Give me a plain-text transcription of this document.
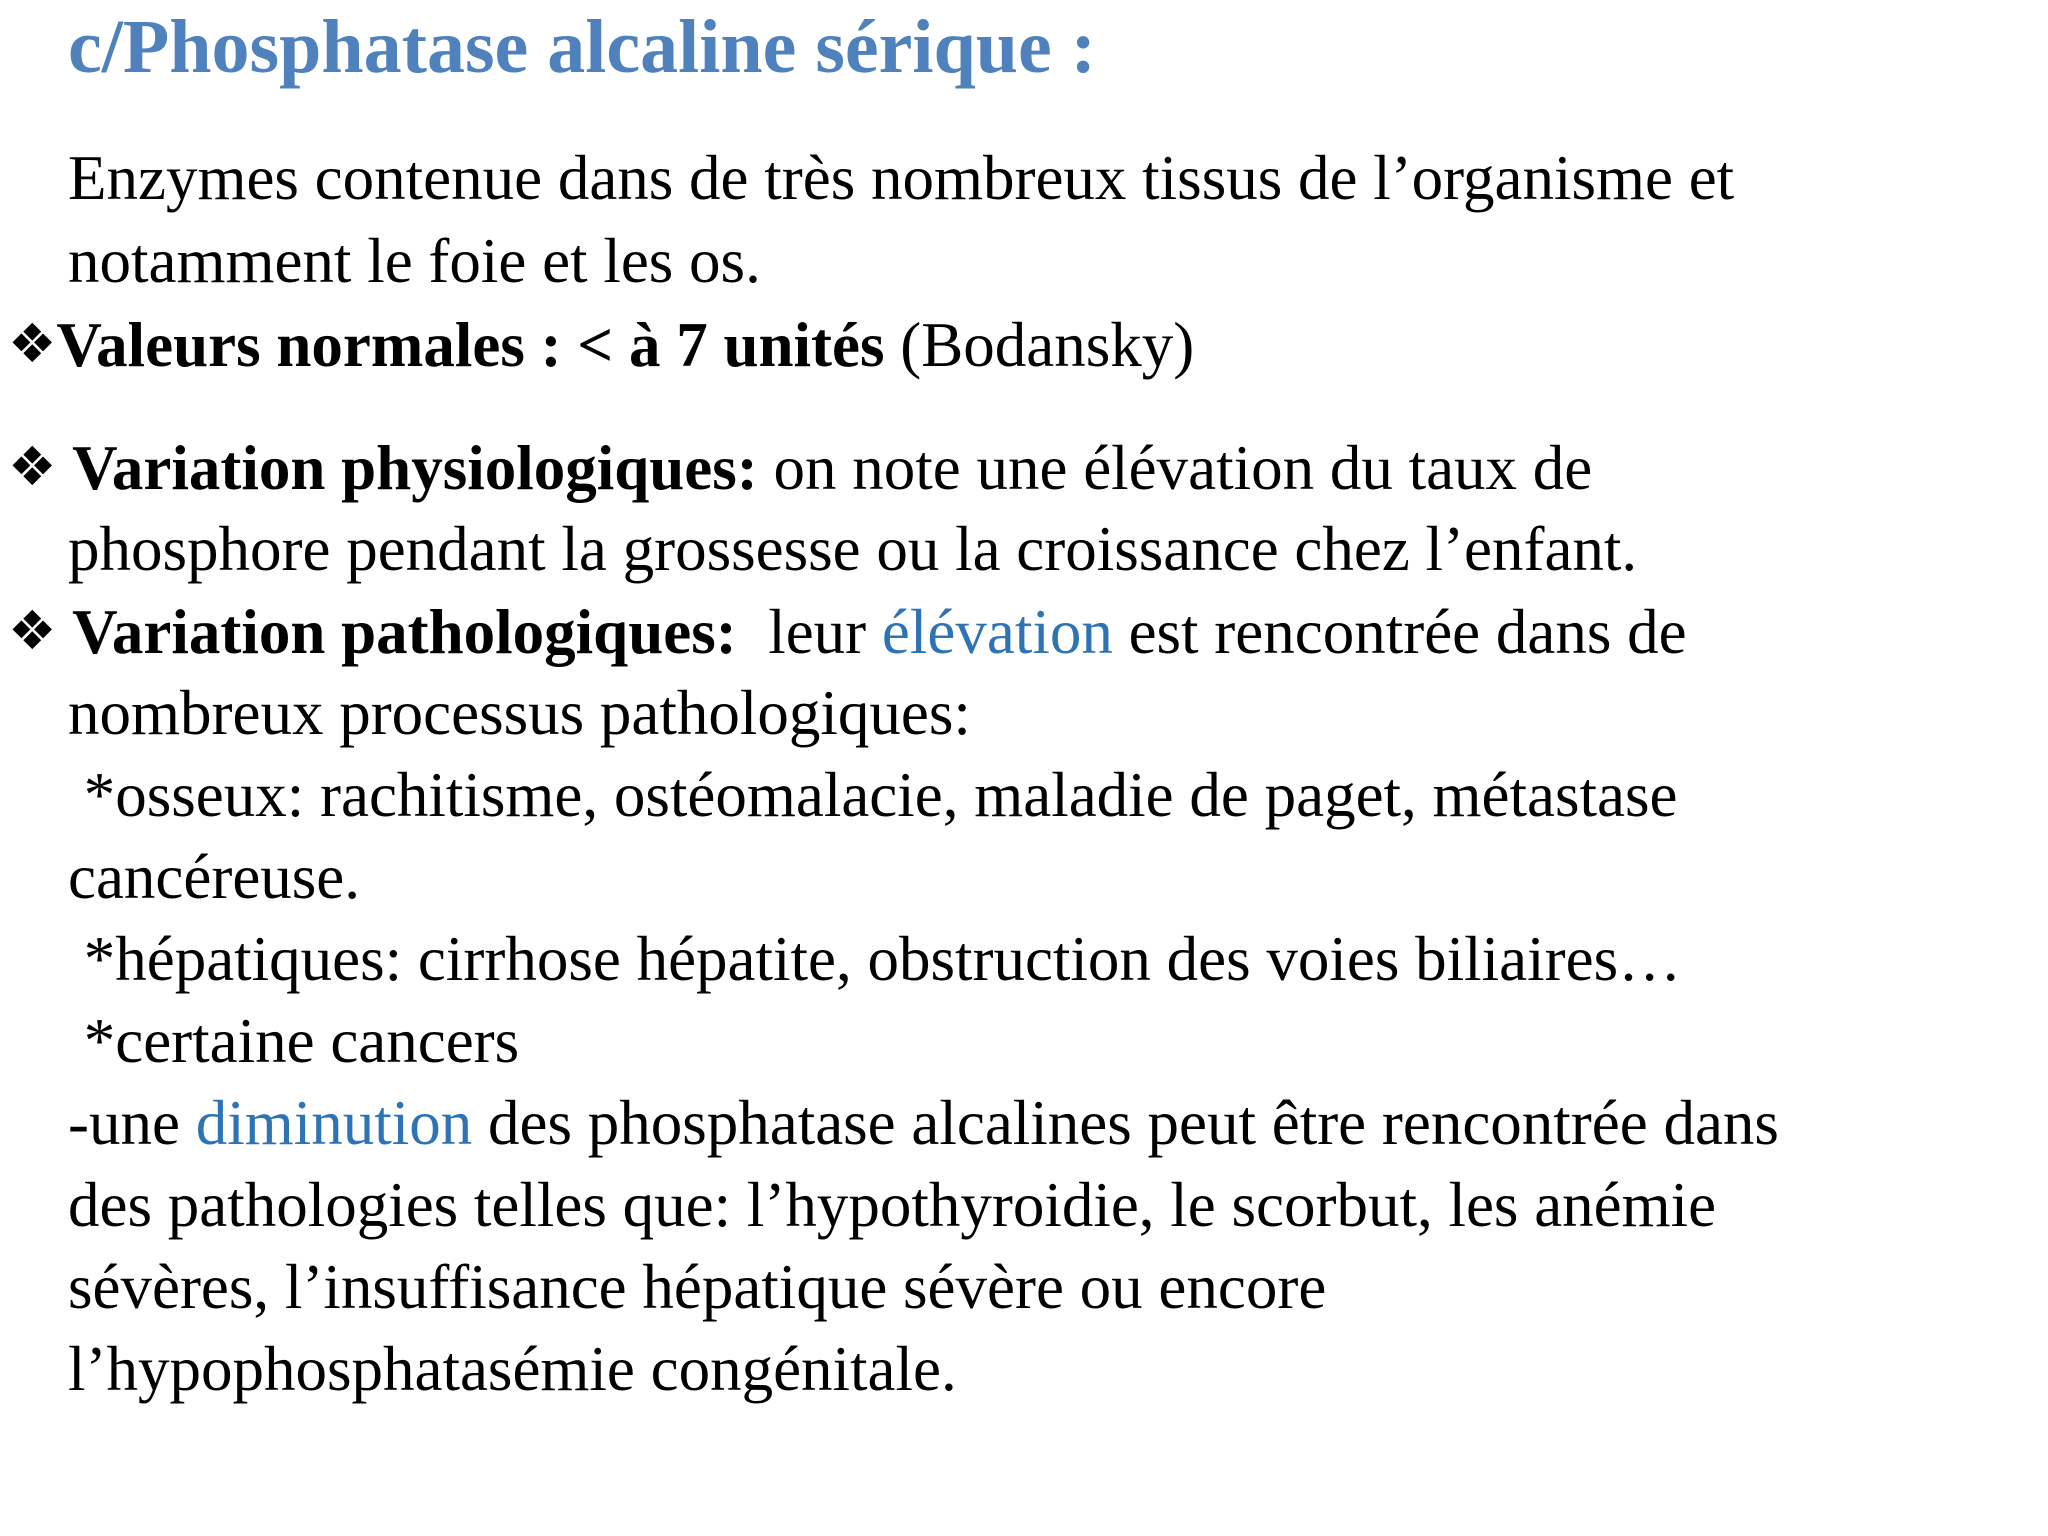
c/Phosphatase alcaline sérique :
Enzymes contenue dans de très nombreux tissus de l’organisme et
notamment le foie et les os.
❖Valeurs normales : < à 7 unités (Bodansky)
❖ Variation physiologiques: on note une élévation du taux de
phosphore pendant la grossesse ou la croissance chez l’enfant.
❖ Variation pathologiques:  leur élévation est rencontrée dans de
nombreux processus pathologiques:
*osseux: rachitisme, ostéomalacie, maladie de paget, métastase
cancéreuse.
*hépatiques: cirrhose hépatite, obstruction des voies biliaires…
*certaine cancers
-une diminution des phosphatase alcalines peut être rencontrée dans
des pathologies telles que: l’hypothyroidie, le scorbut, les anémie
sévères, l’insuffisance hépatique sévère ou encore
l’hypophosphatasémie congénitale.
